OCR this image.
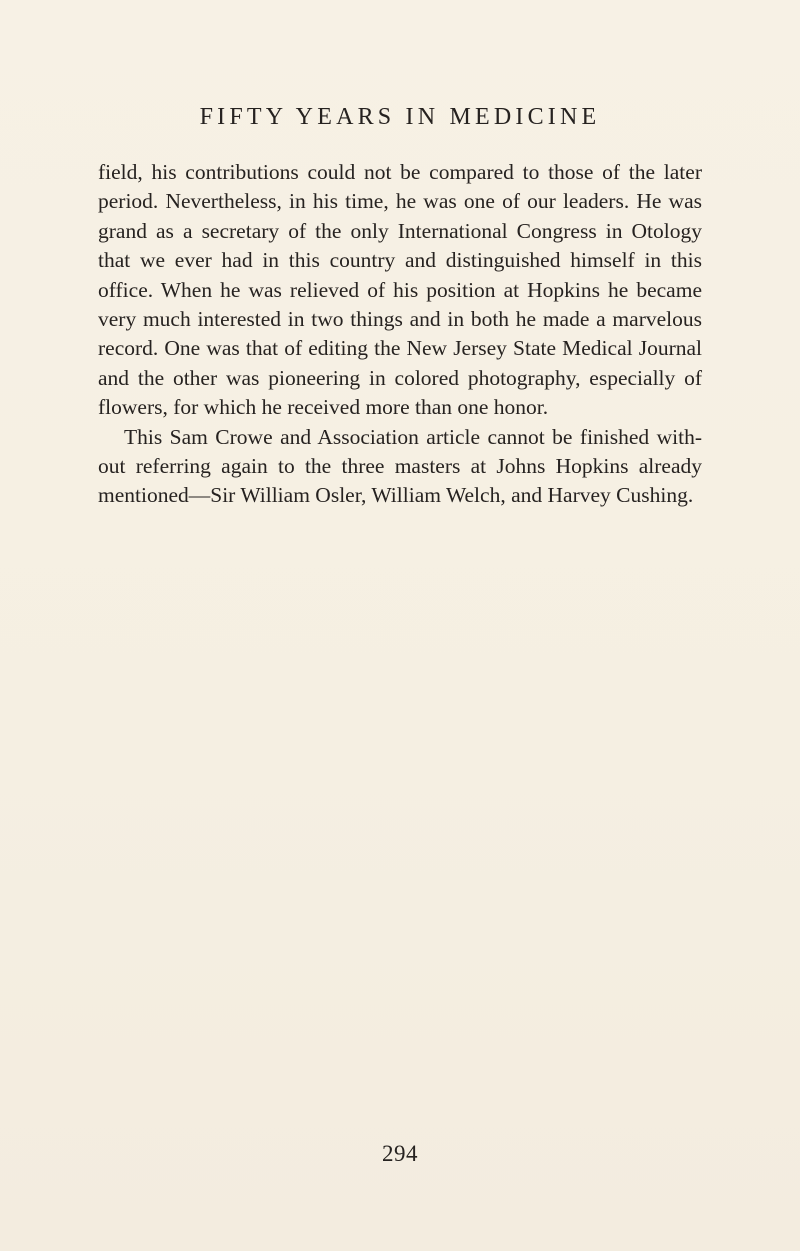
FIFTY YEARS IN MEDICINE

field, his contributions could not be compared to those of the later period. Nevertheless, in his time, he was one of our leaders. He was grand as a secretary of the only International Congress in Otology that we ever had in this country and distinguished himself in this office. When he was relieved of his position at Hopkins he became very much interested in two things and in both he made a marvelous record. One was that of editing the New Jersey State Medical Journal and the other was pioneering in colored photography, especially of flowers, for which he received more than one honor.

This Sam Crowe and Association article cannot be finished with- out referring again to the three masters at Johns Hopkins already mentioned—Sir William Osler, William Welch, and Harvey Cushing.

294
